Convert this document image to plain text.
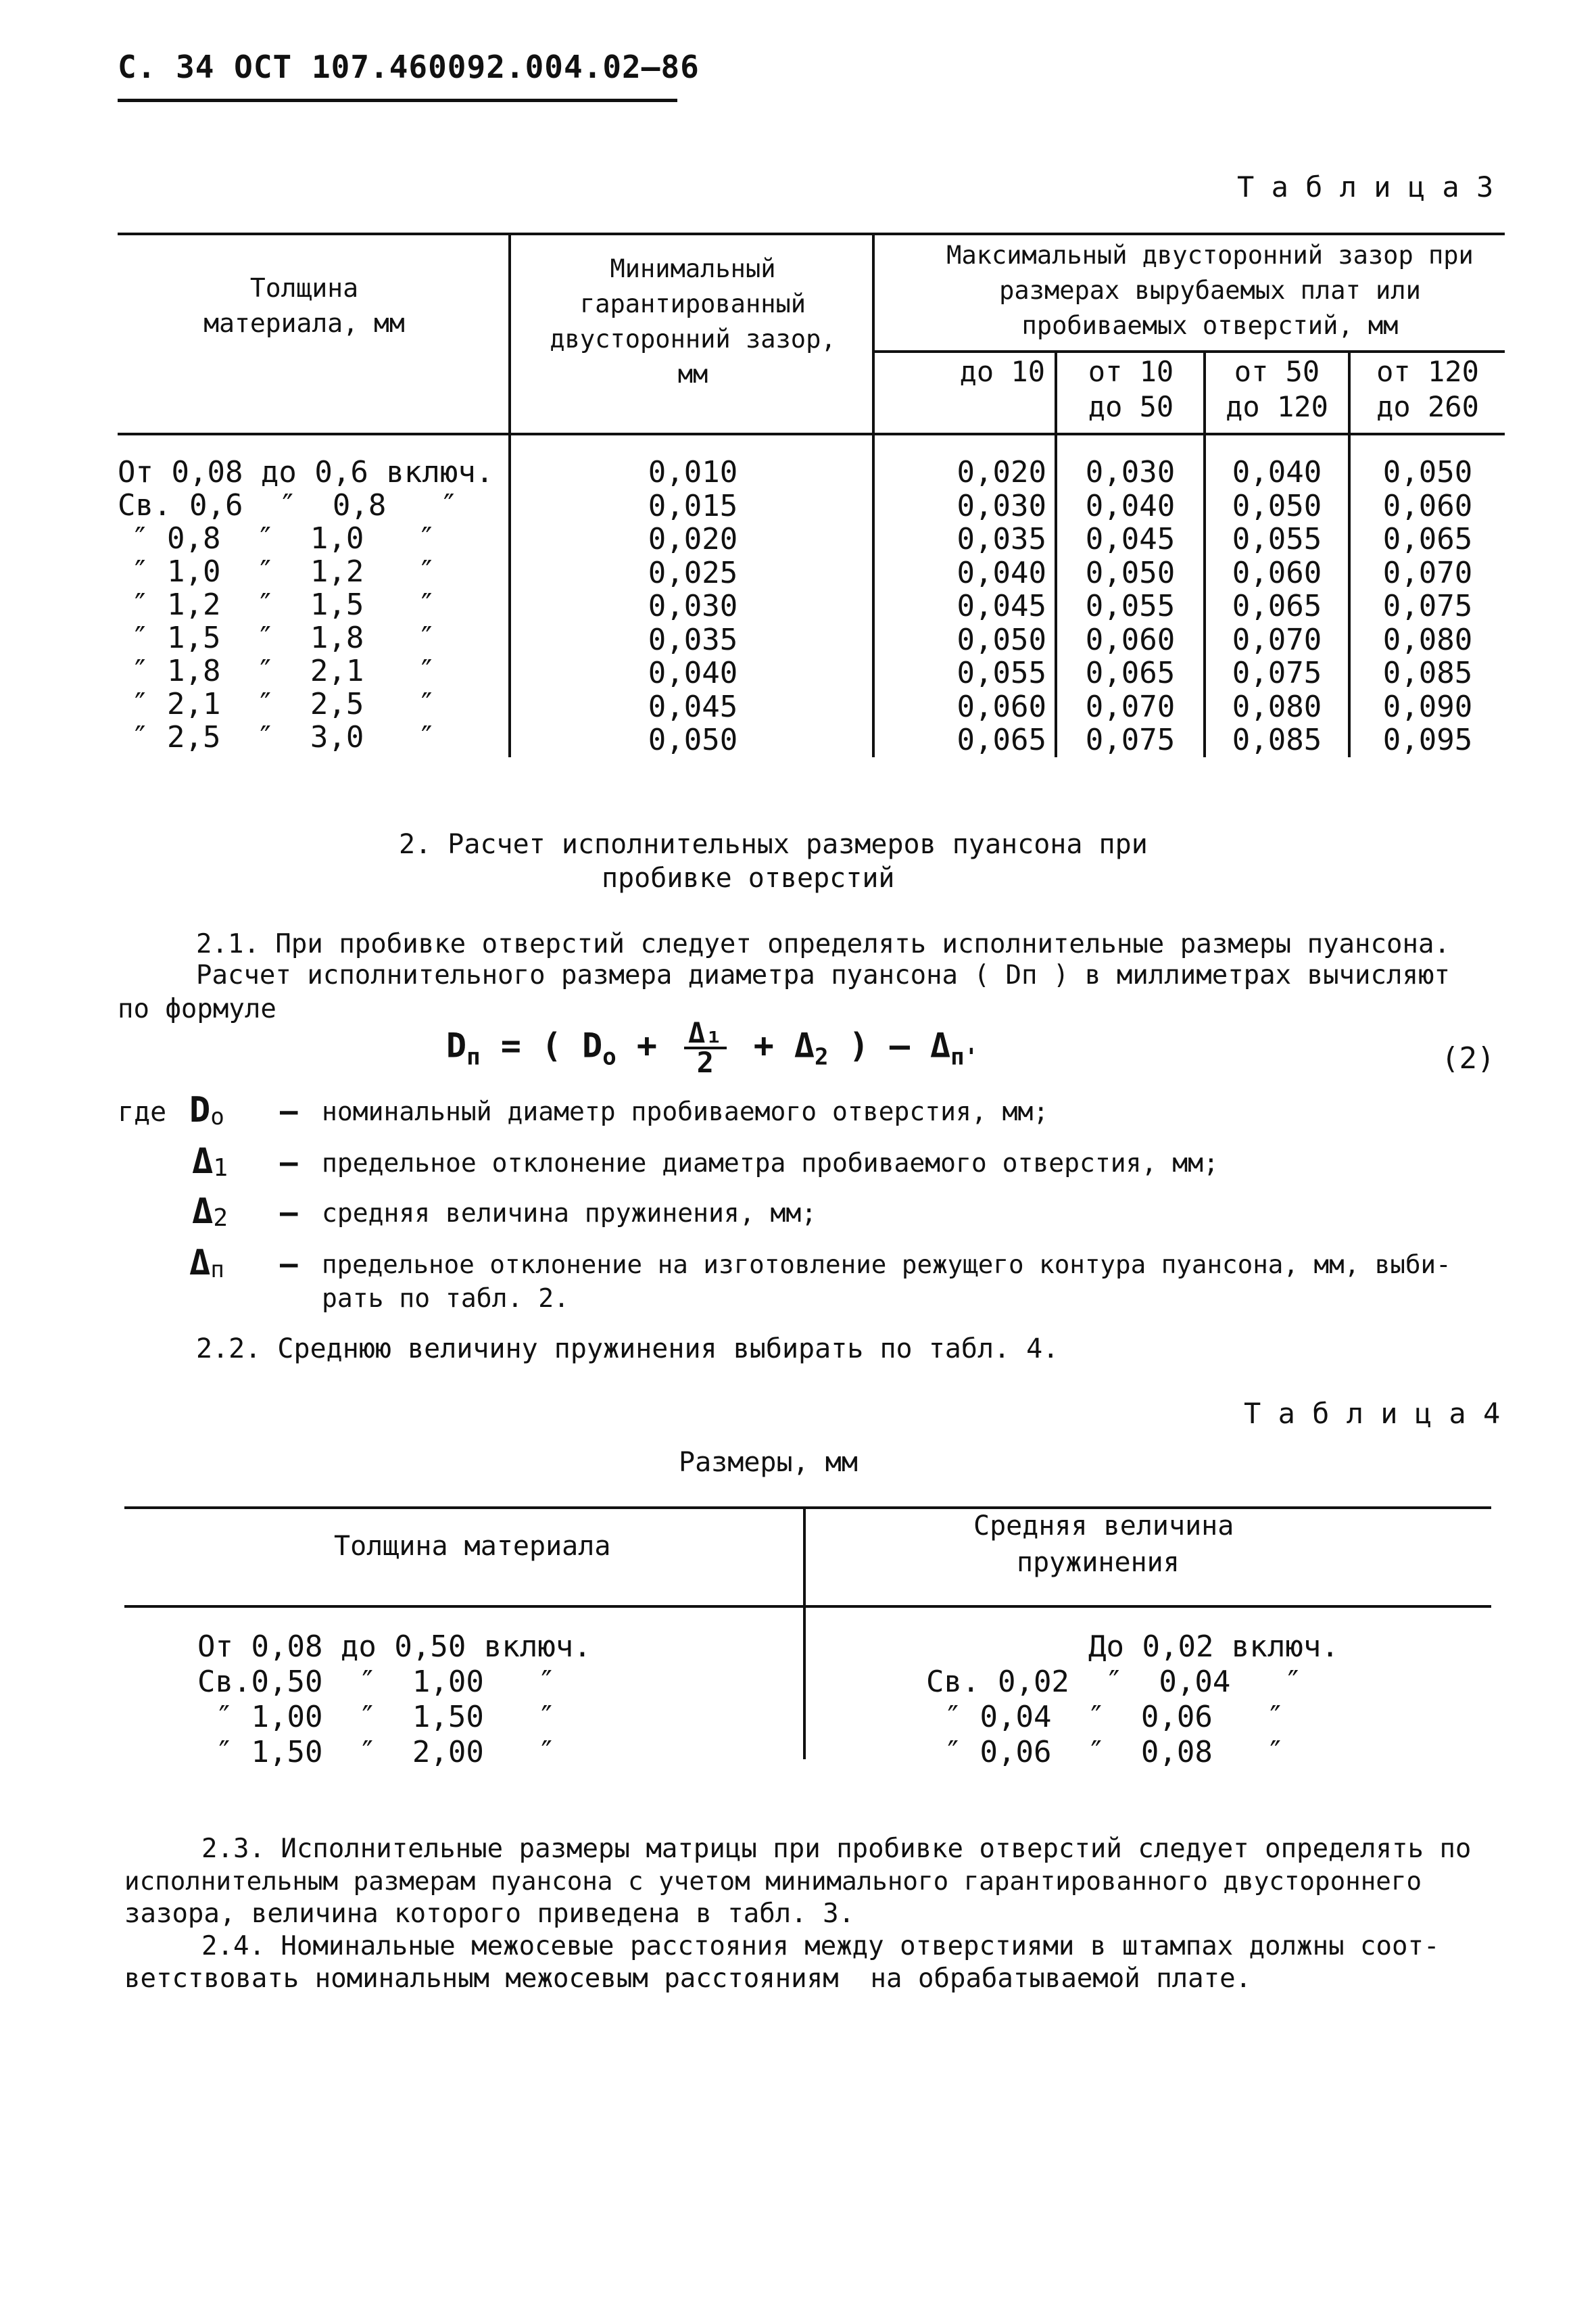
С. 34 ОСТ 107.460092.004.02–86
Т а б л и ц а 3
Толщина материала, мм
Минимальный гарантированный двусторонний зазор, мм
Максимальный двусторонний зазор при размерах вырубаемых плат или пробиваемых отверстий, мм
до 10	от 10
до 50
от 50
до 120
от 120
до 260
От 0,08 до 0,6 включ.
Св. 0,6  ″  0,8   ″
″ 0,8  ″  1,0   ″
″ 1,0  ″  1,2   ″
″ 1,2  ″  1,5   ″
″ 1,5  ″  1,8   ″
″ 1,8  ″  2,1   ″
″ 2,1  ″  2,5   ″
″ 2,5  ″  3,0   ″
0,010
0,015
0,020
0,025
0,030
0,035
0,040
0,045
0,050
0,020
0,030
0,035
0,040
0,045
0,050
0,055
0,060
0,065
0,030
0,040
0,045
0,050
0,055
0,060
0,065
0,070
0,075
0,040
0,050
0,055
0,060
0,065
0,070
0,075
0,080
0,085
0,050
0,060
0,065
0,070
0,075
0,080
0,085
0,090
0,095
2. Расчет исполнительных размеров пуансона при
пробивке отверстий
2.1. При пробивке отверстий следует определять исполнительные размеры пуансона.
Расчет исполнительного размера диаметра пуансона ( Dп ) в миллиметрах вычисляют
по формуле
$D_п$ = ( $D_о + \frac{\text{Δ₁}}{2} + \Delta_2$ ) – $\Delta_{п'}$	(2)
где $D_о$ – номинальный диаметр пробиваемого отверстия, мм;
$\Delta_1$ – предельное отклонение диаметра пробиваемого отверстия, мм;
$\Delta_2$ – средняя величина пружинения, мм;
$\Delta_п$ – предельное отклонение на изготовление режущего контура пуансона, мм, выби-
рать по табл. 2.
2.2. Среднюю величину пружинения выбирать по табл. 4.
Т а б л и ц а 4
Размеры, мм
Толщина материала
Средняя величина
пружинения
От 0,08 до 0,50 включ.
Св.0,50  ″  1,00   ″
″ 1,00  ″  1,50   ″
″ 1,50  ″  2,00   ″
До 0,02 включ.
Св. 0,02  ″  0,04   ″
″ 0,04  ″  0,06   ″
″ 0,06  ″  0,08   ″
2.3. Исполнительные размеры матрицы при пробивке отверстий следует определять по
исполнительным размерам пуансона с учетом минимального гарантированного двустороннего
зазора, величина которого приведена в табл. 3.
2.4. Номинальные межосевые расстояния между отверстиями в штампах должны соот-
ветствовать номинальным межосевым расстояниям  на обрабатываемой плате.
